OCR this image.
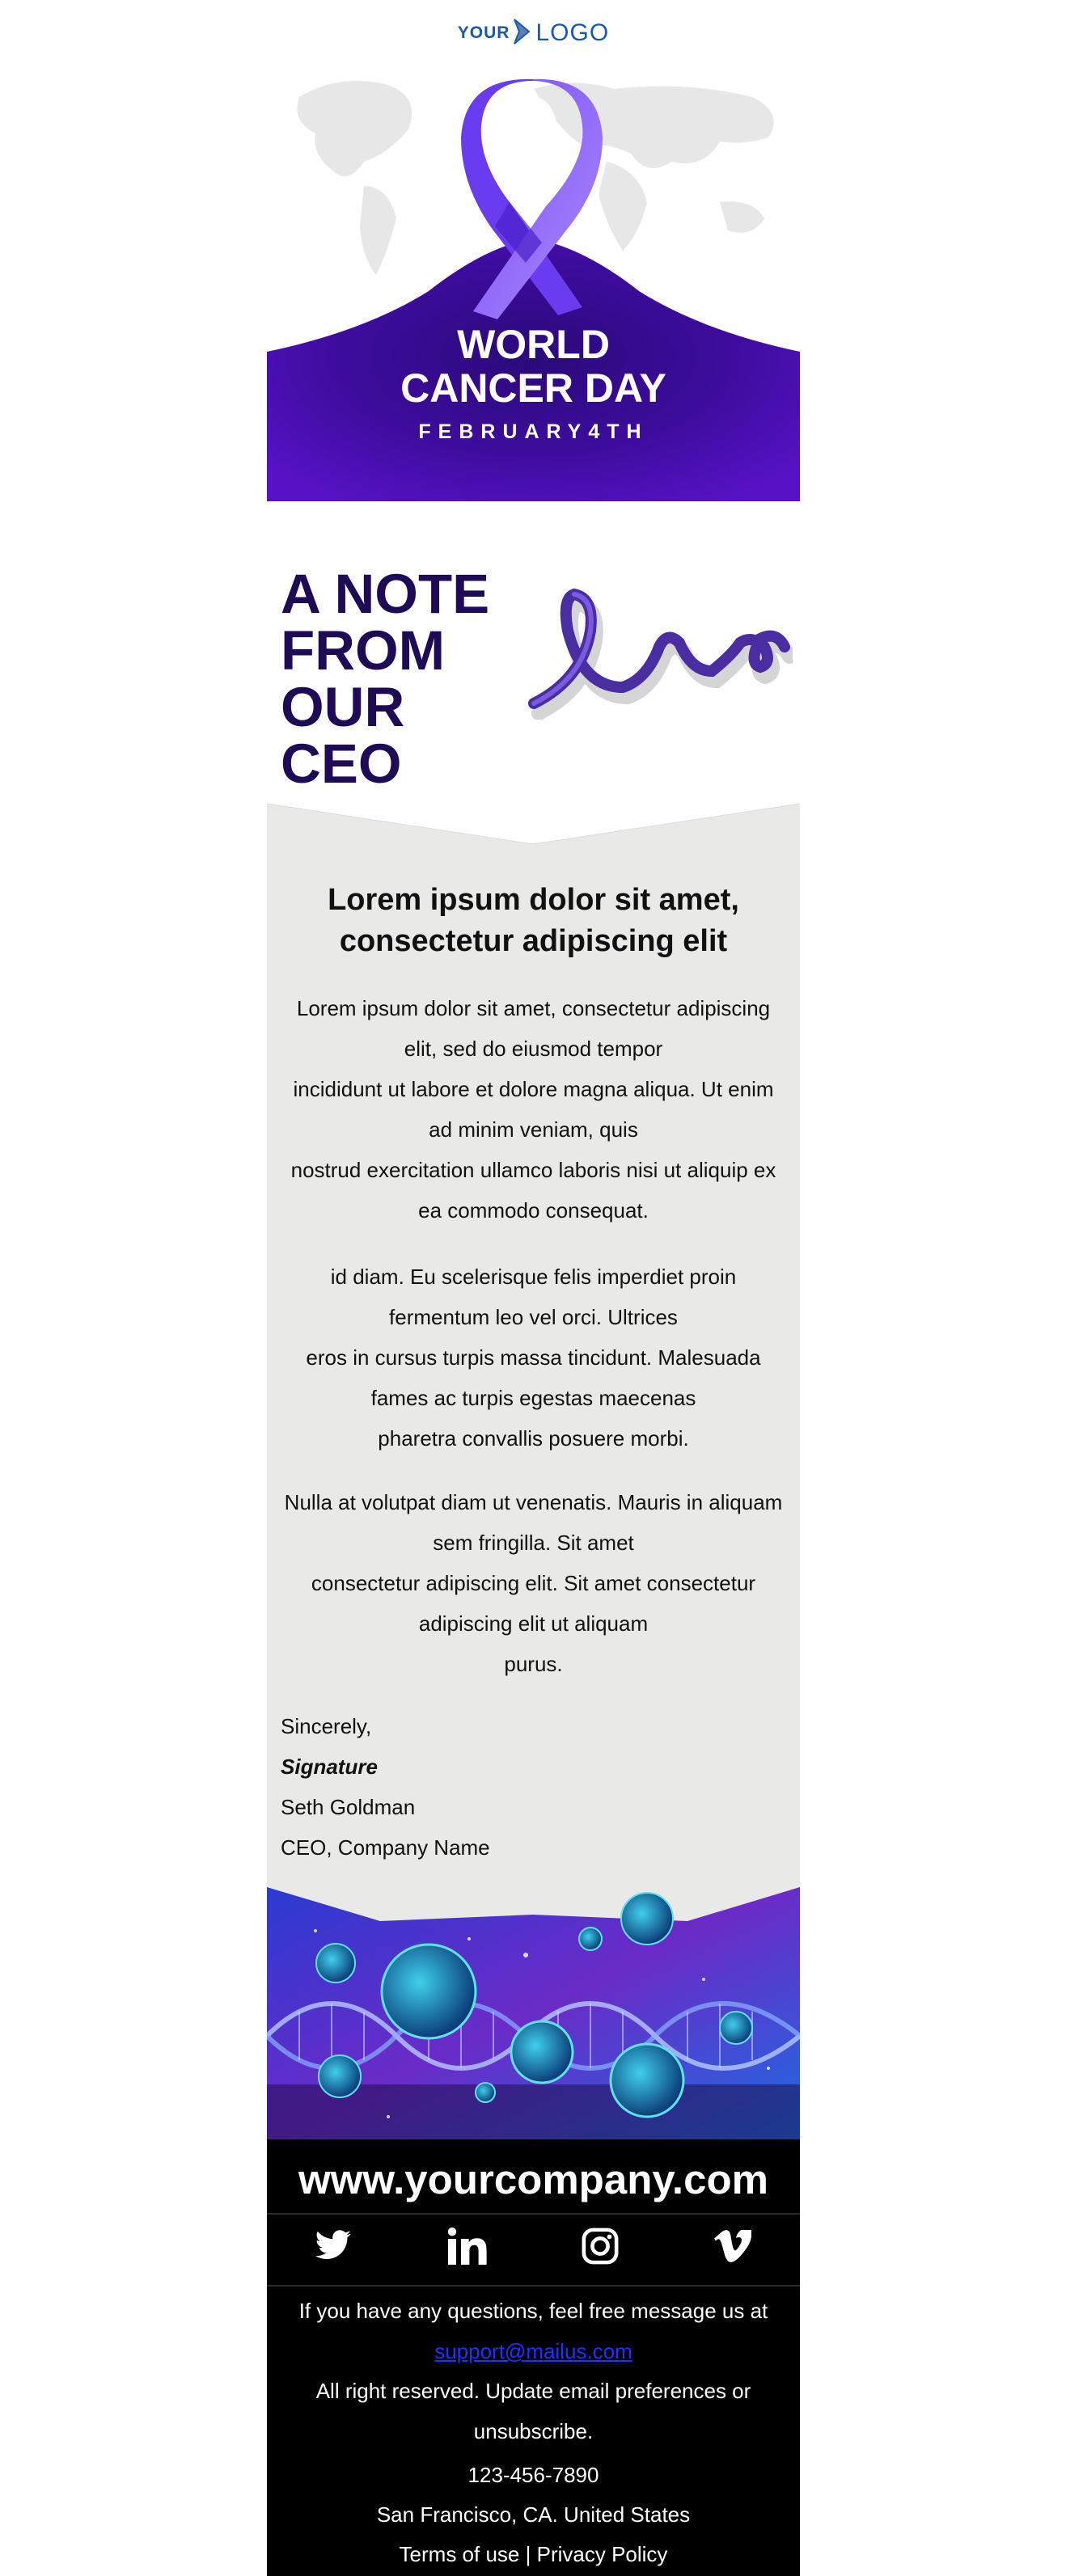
YOUR LOGO
WORLD
CANCER DAY
FEBRUARY4TH
A NOTE
FROM
OUR
CEO
Lorem ipsum dolor sit amet, consectetur adipiscing elit
Lorem ipsum dolor sit amet, consectetur adipiscing elit, sed do eiusmod tempor
incididunt ut labore et dolore magna aliqua. Ut enim ad minim veniam, quis
nostrud exercitation ullamco laboris nisi ut aliquip ex ea commodo consequat.
id diam. Eu scelerisque felis imperdiet proin fermentum leo vel orci. Ultrices
eros in cursus turpis massa tincidunt. Malesuada fames ac turpis egestas maecenas
pharetra convallis posuere morbi.
Nulla at volutpat diam ut venenatis. Mauris in aliquam sem fringilla. Sit amet
consectetur adipiscing elit. Sit amet consectetur adipiscing elit ut aliquam
purus.
Sincerely,
Signature
Seth Goldman
CEO, Company Name
www.yourcompany.com
If you have any questions, feel free message us at
support@mailus.com
All right reserved. Update email preferences or unsubscribe.
123-456-7890
San Francisco, CA. United States
Terms of use | Privacy Policy
